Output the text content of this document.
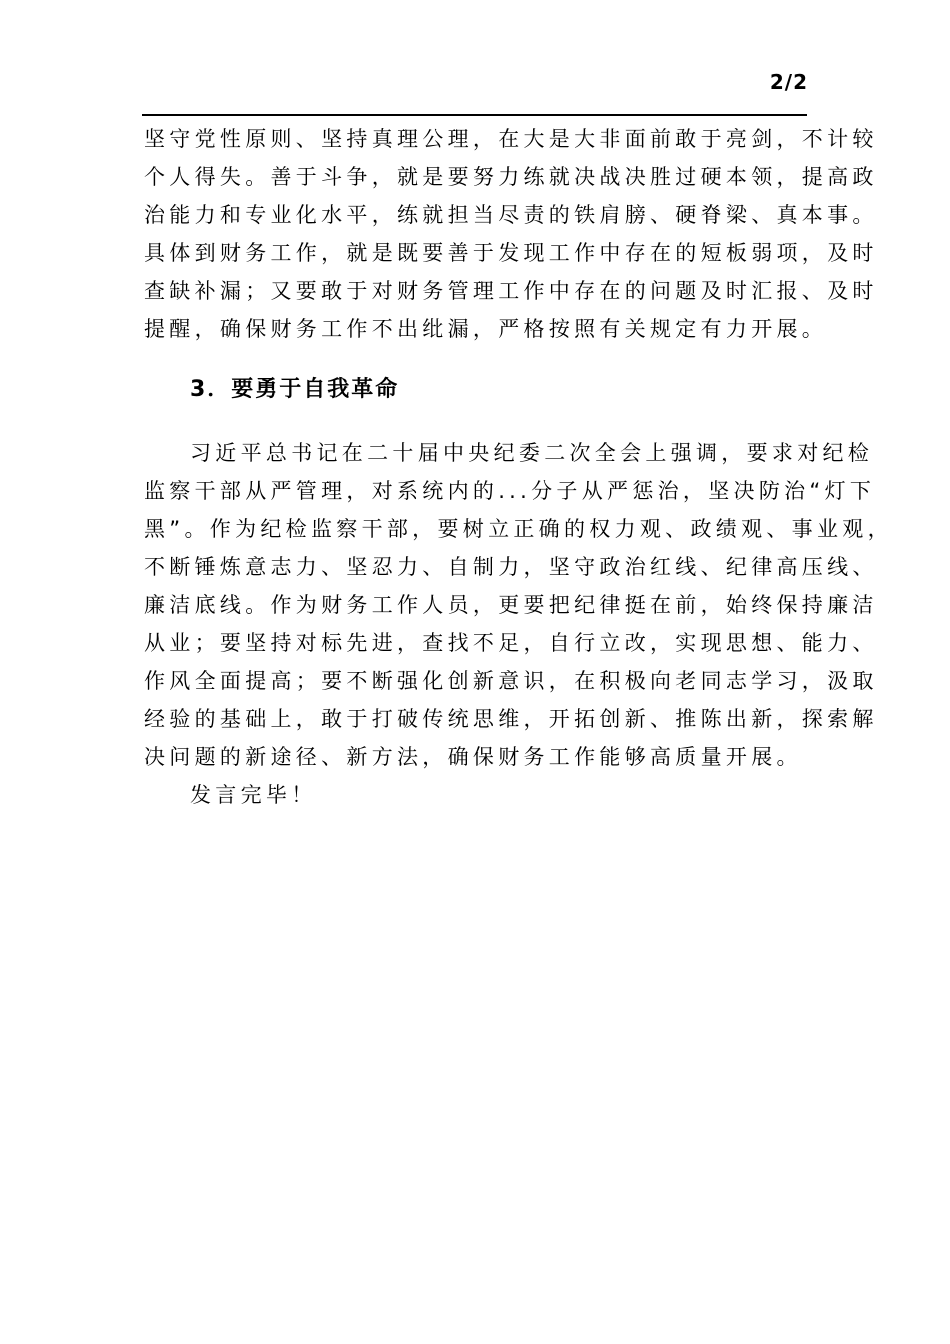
2/2
坚守党性原则、坚持真理公理，在大是大非面前敢于亮剑，不计较
个人得失。善于斗争，就是要努力练就决战决胜过硬本领，提高政
治能力和专业化水平，练就担当尽责的铁肩膀、硬脊梁、真本事。
具体到财务工作，就是既要善于发现工作中存在的短板弱项，及时
查缺补漏；又要敢于对财务管理工作中存在的问题及时汇报、及时
提醒，确保财务工作不出纰漏，严格按照有关规定有力开展。
3．要勇于自我革命
习近平总书记在二十届中央纪委二次全会上强调，要求对纪检
监察干部从严管理，对系统内的...分子从严惩治，坚决防治“灯下
黑”。作为纪检监察干部，要树立正确的权力观、政绩观、事业观，
不断锤炼意志力、坚忍力、自制力，坚守政治红线、纪律高压线、
廉洁底线。作为财务工作人员，更要把纪律挺在前，始终保持廉洁
从业；要坚持对标先进，查找不足，自行立改，实现思想、能力、
作风全面提高；要不断强化创新意识，在积极向老同志学习，汲取
经验的基础上，敢于打破传统思维，开拓创新、推陈出新，探索解
决问题的新途径、新方法，确保财务工作能够高质量开展。
发言完毕！
